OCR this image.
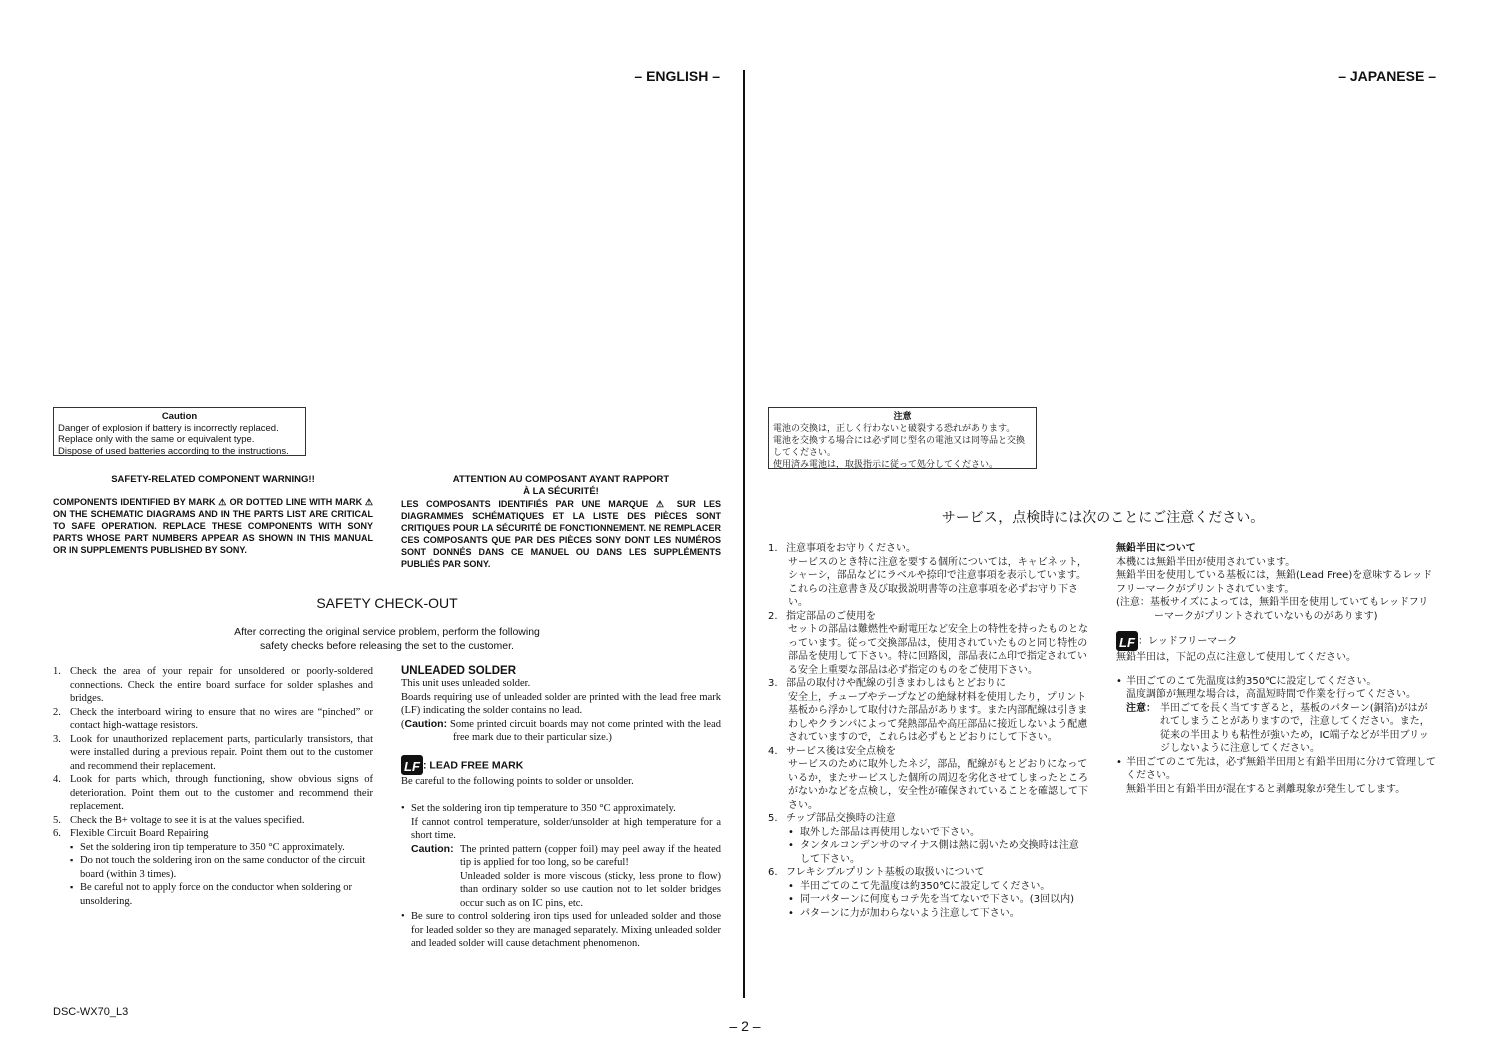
– ENGLISH –	– JAPANESE –
Caution
Danger of explosion if battery is incorrectly replaced.
Replace only with the same or equivalent type.
Dispose of used batteries according to the instructions.
SAFETY-RELATED COMPONENT WARNING!!
COMPONENTS IDENTIFIED BY MARK ⚠ OR DOTTED LINE WITH MARK ⚠ ON THE SCHEMATIC DIAGRAMS AND IN THE PARTS LIST ARE CRITICAL TO SAFE OPERATION. REPLACE THESE COMPONENTS WITH SONY PARTS WHOSE PART NUMBERS APPEAR AS SHOWN IN THIS MANUAL OR IN SUPPLEMENTS PUBLISHED BY SONY.
ATTENTION AU COMPOSANT AYANT RAPPORT
À LA SÉCURITÉ!
LES COMPOSANTS IDENTIFIÉS PAR UNE MARQUE ⚠ SUR LES DIAGRAMMES SCHÉMATIQUES ET LA LISTE DES PIÈCES SONT CRITIQUES POUR LA SÉCURITÉ DE FONCTIONNEMENT. NE REMPLACER CES COMPOSANTS QUE PAR DES PIÈCES SONY DONT LES NUMÉROS SONT DONNÉS DANS CE MANUEL OU DANS LES SUPPLÉMENTS PUBLIÉS PAR SONY.
SAFETY CHECK-OUT
After correcting the original service problem, perform the following
safety checks before releasing the set to the customer.
1. Check the area of your repair for unsoldered or poorly-soldered connections. Check the entire board surface for solder splashes and bridges.
2. Check the interboard wiring to ensure that no wires are “pinched” or contact high-wattage resistors.
3. Look for unauthorized replacement parts, particularly transistors, that were installed during a previous repair. Point them out to the customer and recommend their replacement.
4. Look for parts which, through functioning, show obvious signs of deterioration. Point them out to the customer and recommend their replacement.
5. Check the B+ voltage to see it is at the values specified.
6. Flexible Circuit Board Repairing
▪ Set the soldering iron tip temperature to 350 °C approximately.
▪ Do not touch the soldering iron on the same conductor of the circuit board (within 3 times).
▪ Be careful not to apply force on the conductor when soldering or unsoldering.
UNLEADED SOLDER
This unit uses unleaded solder.
Boards requiring use of unleaded solder are printed with the lead free mark (LF) indicating the solder contains no lead.
(Caution: Some printed circuit boards may not come printed with the lead free mark due to their particular size.)
LF : LEAD FREE MARK
Be careful to the following points to solder or unsolder.
• Set the soldering iron tip temperature to 350 °C approximately.
If cannot control temperature, solder/unsolder at high temperature for a short time.
Caution: The printed pattern (copper foil) may peel away if the heated tip is applied for too long, so be careful!
Unleaded solder is more viscous (sticky, less prone to flow) than ordinary solder so use caution not to let solder bridges occur such as on IC pins, etc.
• Be sure to control soldering iron tips used for unleaded solder and those for leaded solder so they are managed separately. Mixing unleaded solder and leaded solder will cause detachment phenomenon.
注意
電池の交換は，正しく行わないと破裂する恐れがあります。
電池を交換する場合には必ず同じ型名の電池又は同等品と交換してください。
使用済み電池は，取扱指示に従って処分してください。
サービス，点検時には次のことにご注意ください。
1. 注意事項をお守りください。
サービスのとき特に注意を要する個所については，キャビネット，シャーシ，部品などにラベルや捺印で注意事項を表示しています。これらの注意書き及び取扱説明書等の注意事項を必ずお守り下さい。
2. 指定部品のご使用を
セットの部品は難燃性や耐電圧など安全上の特性を持ったものとなっています。従って交換部品は，使用されていたものと同じ特性の部品を使用して下さい。特に回路図，部品表に⚠印で指定されている安全上重要な部品は必ず指定のものをご使用下さい。
3. 部品の取付けや配線の引きまわしはもとどおりに
安全上，チューブやテープなどの絶縁材料を使用したり，プリント基板から浮かして取付けた部品があります。また内部配線は引きまわしやクランパによって発熱部品や高圧部品に接近しないよう配慮されていますので，これらは必ずもとどおりにして下さい。
4. サービス後は安全点検を
サービスのために取外したネジ，部品，配線がもとどおりになっているか，またサービスした個所の周辺を劣化させてしまったところがないかなどを点検し，安全性が確保されていることを確認して下さい。
5. チップ部品交換時の注意
• 取外した部品は再使用しないで下さい。
• タンタルコンデンサのマイナス側は熱に弱いため交換時は注意して下さい。
6. フレキシブルプリント基板の取扱いについて
• 半田ごてのこて先温度は約350℃に設定してください。
• 同一パターンに何度もコテ先を当てないで下さい。(3回以内)
• パターンに力が加わらないよう注意して下さい。
無鉛半田について
本機には無鉛半田が使用されています。
無鉛半田を使用している基板には，無鉛(Lead Free)を意味するレッドフリーマークがプリントされています。
(注意：基板サイズによっては，無鉛半田を使用していてもレッドフリーマークがプリントされていないものがあります)
LF ：レッドフリーマーク
無鉛半田は，下記の点に注意して使用してください。
• 半田ごてのこて先温度は約350℃に設定してください。
温度調節が無理な場合は，高温短時間で作業を行ってください。
注意： 半田ごてを長く当てすぎると，基板のパターン(銅箔)がはがれてしまうことがありますので，注意してください。また，従来の半田よりも粘性が強いため，IC端子などが半田ブリッジしないように注意してください。
• 半田ごてのこて先は，必ず無鉛半田用と有鉛半田用に分けて管理してください。
無鉛半田と有鉛半田が混在すると剥離現象が発生してします。
DSC-WX70_L3
– 2 –
